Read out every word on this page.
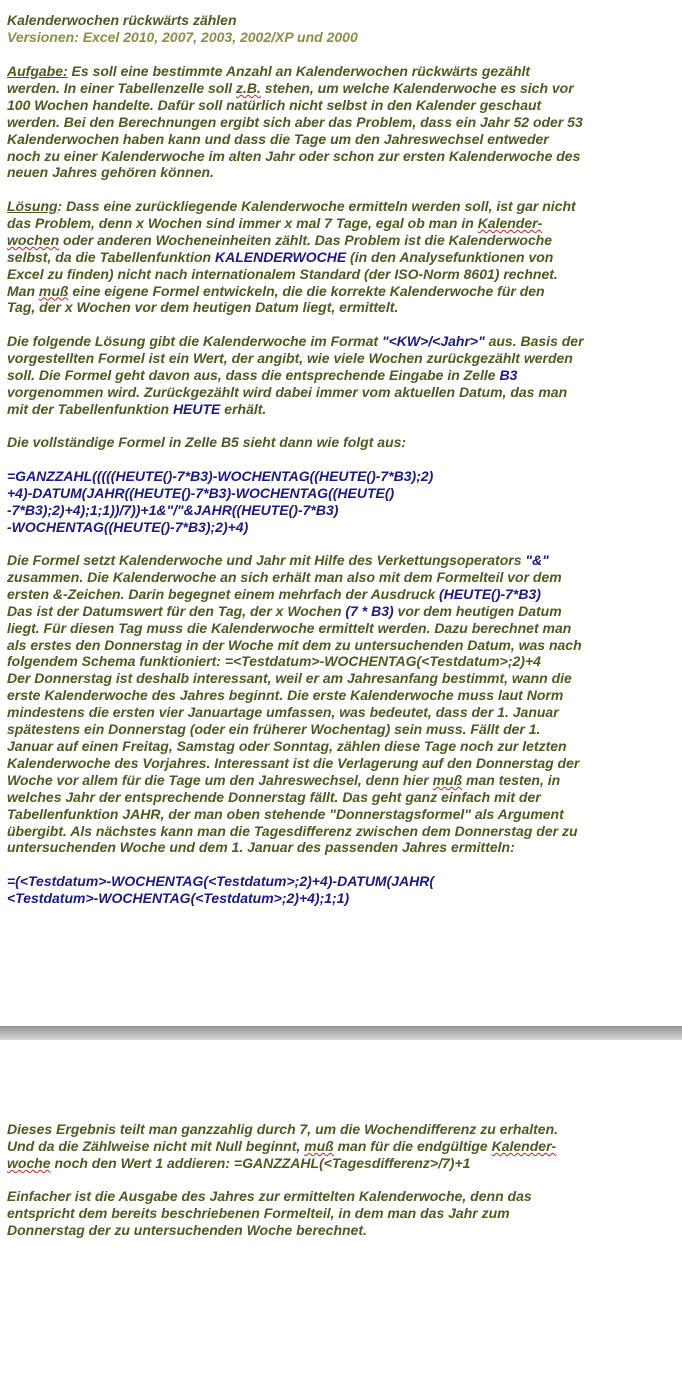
Kalenderwochen rückwärts zählen
Versionen: Excel 2010, 2007, 2003, 2002/XP und 2000
Aufgabe: Es soll eine bestimmte Anzahl an Kalenderwochen rückwärts gezählt
werden. In einer Tabellenzelle soll z.B. stehen, um welche Kalenderwoche es sich vor
100 Wochen handelte. Dafür soll natürlich nicht selbst in den Kalender geschaut
werden. Bei den Berechnungen ergibt sich aber das Problem, dass ein Jahr 52 oder 53
Kalenderwochen haben kann und dass die Tage um den Jahreswechsel entweder
noch zu einer Kalenderwoche im alten Jahr oder schon zur ersten Kalenderwoche des
neuen Jahres gehören können.
Lösung: Dass eine zurückliegende Kalenderwoche ermitteln werden soll, ist gar nicht
das Problem, denn x Wochen sind immer x mal 7 Tage, egal ob man in Kalender-
wochen oder anderen Wocheneinheiten zählt. Das Problem ist die Kalenderwoche
selbst, da die Tabellenfunktion KALENDERWOCHE (in den Analysefunktionen von
Excel zu finden) nicht nach internationalem Standard (der ISO-Norm 8601) rechnet.
Man muß eine eigene Formel entwickeln, die die korrekte Kalenderwoche für den
Tag, der x Wochen vor dem heutigen Datum liegt, ermittelt.
Die folgende Lösung gibt die Kalenderwoche im Format "<KW>/<Jahr>" aus. Basis der
vorgestellten Formel ist ein Wert, der angibt, wie viele Wochen zurückgezählt werden
soll. Die Formel geht davon aus, dass die entsprechende Eingabe in Zelle B3
vorgenommen wird. Zurückgezählt wird dabei immer vom aktuellen Datum, das man
mit der Tabellenfunktion HEUTE erhält.
Die vollständige Formel in Zelle B5 sieht dann wie folgt aus:
=GANZZAHL(((((HEUTE()-7*B3)-WOCHENTAG((HEUTE()-7*B3);2)
+4)-DATUM(JAHR((HEUTE()-7*B3)-WOCHENTAG((HEUTE()
-7*B3);2)+4);1;1))/7))+1&"/"&JAHR((HEUTE()-7*B3)
-WOCHENTAG((HEUTE()-7*B3);2)+4)
Die Formel setzt Kalenderwoche und Jahr mit Hilfe des Verkettungsoperators "&"
zusammen. Die Kalenderwoche an sich erhält man also mit dem Formelteil vor dem
ersten &-Zeichen. Darin begegnet einem mehrfach der Ausdruck (HEUTE()-7*B3)
Das ist der Datumswert für den Tag, der x Wochen (7 * B3) vor dem heutigen Datum
liegt. Für diesen Tag muss die Kalenderwoche ermittelt werden. Dazu berechnet man
als erstes den Donnerstag in der Woche mit dem zu untersuchenden Datum, was nach
folgendem Schema funktioniert: =<Testdatum>-WOCHENTAG(<Testdatum>;2)+4
Der Donnerstag ist deshalb interessant, weil er am Jahresanfang bestimmt, wann die
erste Kalenderwoche des Jahres beginnt. Die erste Kalenderwoche muss laut Norm
mindestens die ersten vier Januartage umfassen, was bedeutet, dass der 1. Januar
spätestens ein Donnerstag (oder ein früherer Wochentag) sein muss. Fällt der 1.
Januar auf einen Freitag, Samstag oder Sonntag, zählen diese Tage noch zur letzten
Kalenderwoche des Vorjahres. Interessant ist die Verlagerung auf den Donnerstag der
Woche vor allem für die Tage um den Jahreswechsel, denn hier muß man testen, in
welches Jahr der entsprechende Donnerstag fällt. Das geht ganz einfach mit der
Tabellenfunktion JAHR, der man oben stehende "Donnerstagsformel" als Argument
übergibt. Als nächstes kann man die Tagesdifferenz zwischen dem Donnerstag der zu
untersuchenden Woche und dem 1. Januar des passenden Jahres ermitteln:
=(<Testdatum>-WOCHENTAG(<Testdatum>;2)+4)-DATUM(JAHR(
<Testdatum>-WOCHENTAG(<Testdatum>;2)+4);1;1)
Dieses Ergebnis teilt man ganzzahlig durch 7, um die Wochendifferenz zu erhalten.
Und da die Zählweise nicht mit Null beginnt, muß man für die endgültige Kalender-
woche noch den Wert 1 addieren: =GANZZAHL(<Tagesdifferenz>/7)+1
Einfacher ist die Ausgabe des Jahres zur ermittelten Kalenderwoche, denn das
entspricht dem bereits beschriebenen Formelteil, in dem man das Jahr zum
Donnerstag der zu untersuchenden Woche berechnet.
